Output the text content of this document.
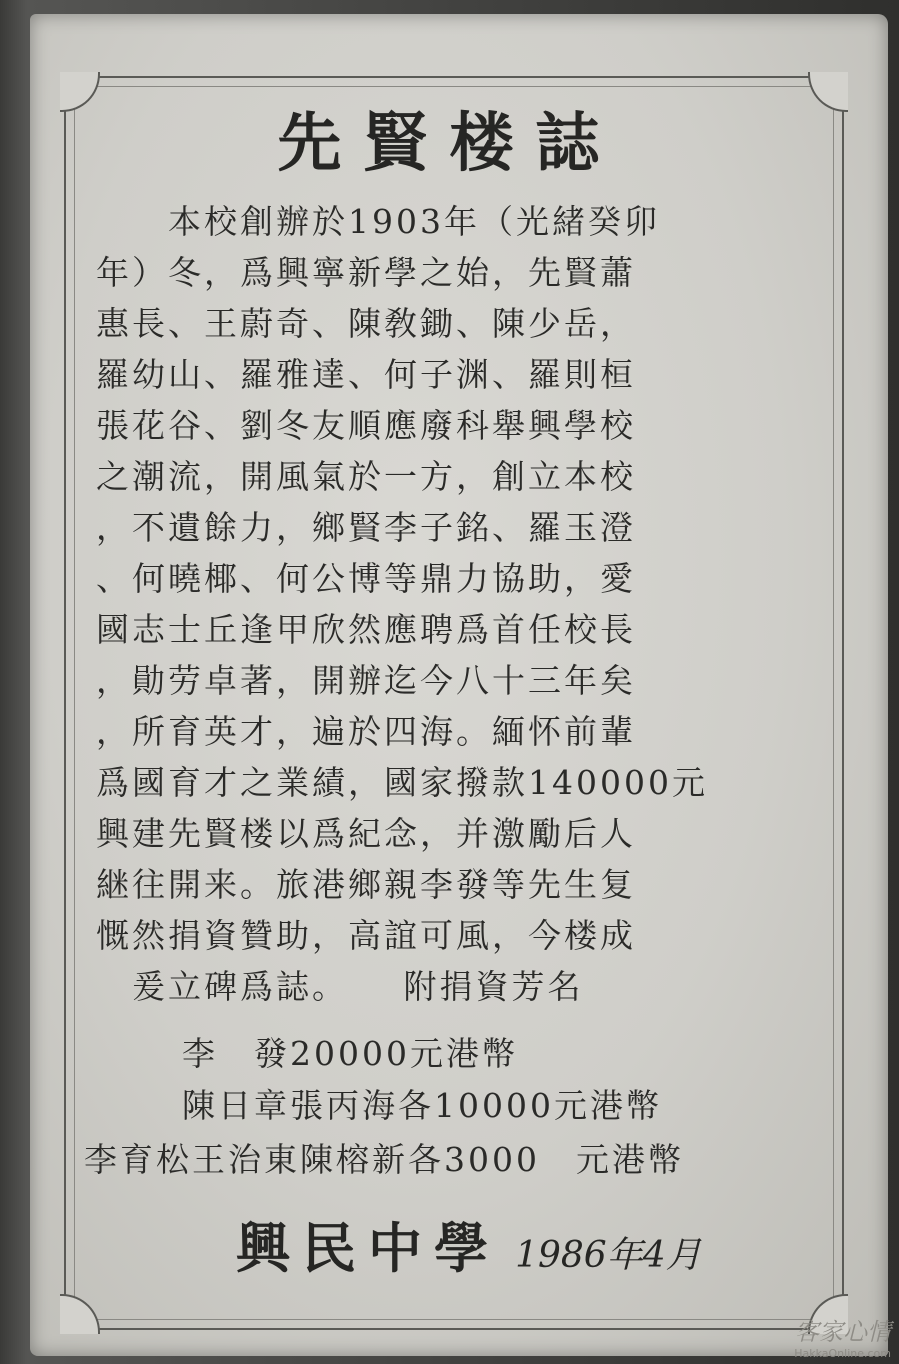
先賢楼誌
　　本校創辦於1903年（光緒癸卯
年）冬，爲興寧新學之始，先賢蕭
惠長、王蔚奇、陳敎鋤、陳少岳，
羅幼山、羅雅達、何子渊、羅則桓
張花谷、劉冬友順應廢科舉興學校
之潮流，開風氣於一方，創立本校
，不遺餘力，鄉賢李子銘、羅玉澄
、何曉椰、何公博等鼎力協助，愛
國志士丘逢甲欣然應聘爲首任校長
，勛劳卓著，開辦迄今八十三年矣
，所育英才，遍於四海。緬怀前輩
爲國育才之業績，國家撥款140000元
興建先賢楼以爲紀念，并激勵后人
継往開来。旅港鄉親李發等先生复
慨然捐資贊助，高誼可風，今楼成
　爰立碑爲誌。　　附捐資芳名
李　發20000元港幣
陳日章張丙海各10000元港幣
李育松王治東陳榕新各3000　元港幣
興民中學 1986年4月
客家心情
HakkaOnline.com
